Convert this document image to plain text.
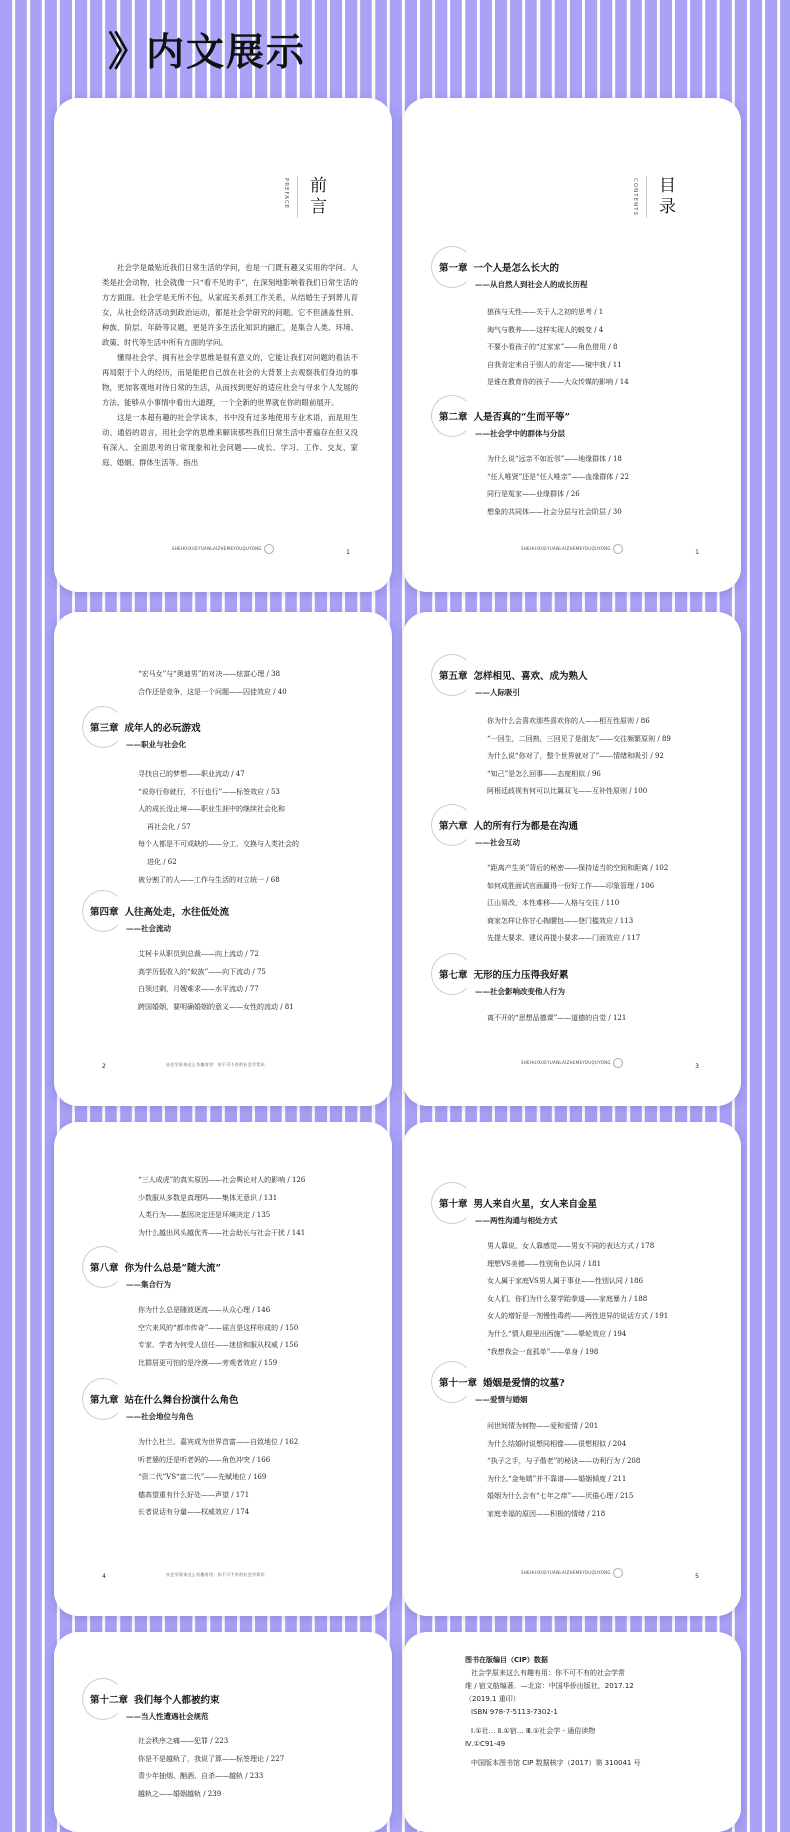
》 内文展示
PREFACE	前言

社会学是最贴近我们日常生活的学问，也是一门既有趣又实用的学问。人类是社会动物，社会就像一只“看不见的手”，在深刻地影响着我们日常生活的方方面面。社会学是无所不包，从家庭关系到工作关系，从结婚生子到葬儿育女，从社会经济活动到政治运动，都是社会学研究的问题。它不但涵盖性别、种族、阶层、年龄等议题，更是许多生活化知识的融汇，是集合人类、环境、政策、时代等生活中所有方面的学问。

懂得社会学、拥有社会学思维是很有意义的，它能让我们对问题的看法不再局限于个人的经历，而是能把自己放在社会的大背景上去观察我们身边的事物，更加客观地对待日常的生活，从而找到更好的适应社会与寻求个人发展的方法。能够从小事情中看出大道理，一个全新的世界就在你的眼前展开。

这是一本超有趣的社会学读本，书中没有过多地使用专业术语，而是用生动、通俗的语言，用社会学的思维来解读那些我们日常生活中普遍存在但又没有深入、全面思考的日常现象和社会问题——成长、学习、工作、交友、家庭、婚姻、群体生活等。指出

SHEHUIXUEYUANLAIZHEMEYOUQUYONG
1
CONTENTS	目录
第一章 一个人是怎么长大的
——从自然人到社会人的成长历程
狼孩与天性——关于人之初的思考 / 1
淘气与教养——这样实现人的蜕变 / 4
不要小看孩子的“过家家”——角色借用 / 8
自我肯定来自于别人的肯定——镜中我 / 11
是谁在教育你的孩子——大众传媒的影响 / 14
第二章 人是否真的“生而平等”
——社会学中的群体与分层
为什么说“远亲不如近邻”——地缘群体 / 18
“任人唯贤”还是“任人唯亲”——血缘群体 / 22
同行是冤家——业缘群体 / 26
想象的共同体——社会分层与社会阶层 / 30
SHEHUIXUEYUANLAIZHEMEYOUQUYONG
1
“宏马女”与“奥迪男”的对决——炫富心理 / 38
合作还是竞争，这是一个问题——囚徒效应 / 40
第三章 成年人的必玩游戏
——职业与社会化
寻找自己的梦想——职业流动 / 47
“说你行你就行，不行也行”——标签效应 / 53
人的成长没止境——职业生涯中的继续社会化和
再社会化 / 57
每个人都是不可或缺的——分工、交换与人类社会的
进化 / 62
被分割了的人——工作与生活的对立统一 / 68
第四章 人往高处走，水往低处流
——社会流动
艾柯卡从职员到总裁——向上流动 / 72
高学历低收入的“蚁族”——向下流动 / 75
白领过剩，月嫂难求——水平流动 / 77
跨国婚姻，要明确婚姻的意义——女性的流动 / 81
2	社会学原来这么有趣有用：你不可不有的社会学常识
第五章 怎样相见、喜欢、成为熟人
——人际吸引
你为什么会喜欢那些喜欢你的人——相互性原则 / 86
“一回生，二回熟，三回见了是朋友”——交往频繁原则 / 89
为什么说“你对了，整个世界就对了”——情绪和吸引 / 92
“知己”是怎么回事——态度相似 / 96
阿根廷歧视有何可以比翼双飞——互补性原则 / 100
第六章 人的所有行为都是在沟通
——社会互动
“距离产生美”背后的秘密——保持适当的空间和距离 / 102
如何成胜面试官面赢得一份好工作——印象管理 / 106
江山易改，本性难移——人格与交往 / 110
商家怎样让你甘心掏腰包——登门槛效应 / 113
先提大要求，建议再提小要求——门面效应 / 117
第七章 无形的压力压得我好累
——社会影响改变他人行为
离不开的“思想品德课”——道德的自觉 / 121
SHEHUIXUEYUANLAIZHEMEYOUQUYONG
3
“三人成虎”的真实原因——社会舆论对人的影响 / 126
少数服从多数是真理吗——集体无意识 / 131
人类行为——基因决定还是环境决定 / 135
为什么越出风头越优秀——社会助长与社会干扰 / 141
第八章 你为什么总是“随大流”
——集合行为
你为什么总是随波逐流——从众心理 / 146
空穴来风的“都市传奇”——谣言是这样形成的 / 150
专家、学者为何受人信任——迷信和服从权威 / 156
比群居更可怕的是冷漠——旁观者效应 / 159
第九章 站在什么舞台扮演什么角色
——社会地位与角色
为什么杜兰、嘉宾成为世界首富——自致地位 / 162
听老婆的还是听老妈的——角色冲突 / 166
“资二代”VS“富二代”——先赋地位 / 169
德高望重有什么好处——声望 / 171
长者说话有分量——权威效应 / 174
4	社会学原来这么有趣有用：你不可不有的社会学常识
第十章 男人来自火星，女人来自金星
——两性沟通与相处方式
男人靠说，女人靠感觉——男女不同的表达方式 / 178
理想VS美德——性别角色认同 / 181
女人属于家庭VS男人属于事业——性别认同 / 186
女人们，你们为什么要学跆拳道——家庭暴力 / 188
女人的增好是一剂慢性毒药——两性进异的说话方式 / 191
为什么“情人眼里出西施”——晕轮效应 / 194
“我想我会一直孤单”——单身 / 198
第十一章 婚姻是爱情的坟墓?
——爱情与婚姻
问世间情为何物——爱和爱情 / 201
为什么结婚时说想同相像——很想相似 / 204
“执子之手，与子偕老”的秘诀——功利行为 / 208
为什么“金龟婿”并不靠谱——婚姻倾度 / 211
婚姻为什么会有“七年之痒”——厌倦心理 / 215
家庭幸福的原因——积极的情绪 / 218
SHEHUIXUEYUANLAIZHEMEYOUQUYONG
5
第十二章 我们每个人都被约束
——当人性遭遇社会规范
社会秩序之痛——犯罪 / 223
你是不是越轨了，我说了算——标签理论 / 227
青少年抽烟、酗酒、自杀——越轨 / 233
越轨之——婚姻越轨 / 239
图书在版编目（CIP）数据
社会学原来这么有趣有用：你不可不有的社会学常
维 / 宿文舫编著．—北京：中国华侨出版社，2017.12
（2019.1 重印）
ISBN 978-7-5113-7302-1
Ⅰ.①社… Ⅱ.①宿… Ⅲ.①社会学 - 通俗读物
Ⅳ.①C91-49
中国版本图书馆 CIP 数据核字（2017）第 310041 号
